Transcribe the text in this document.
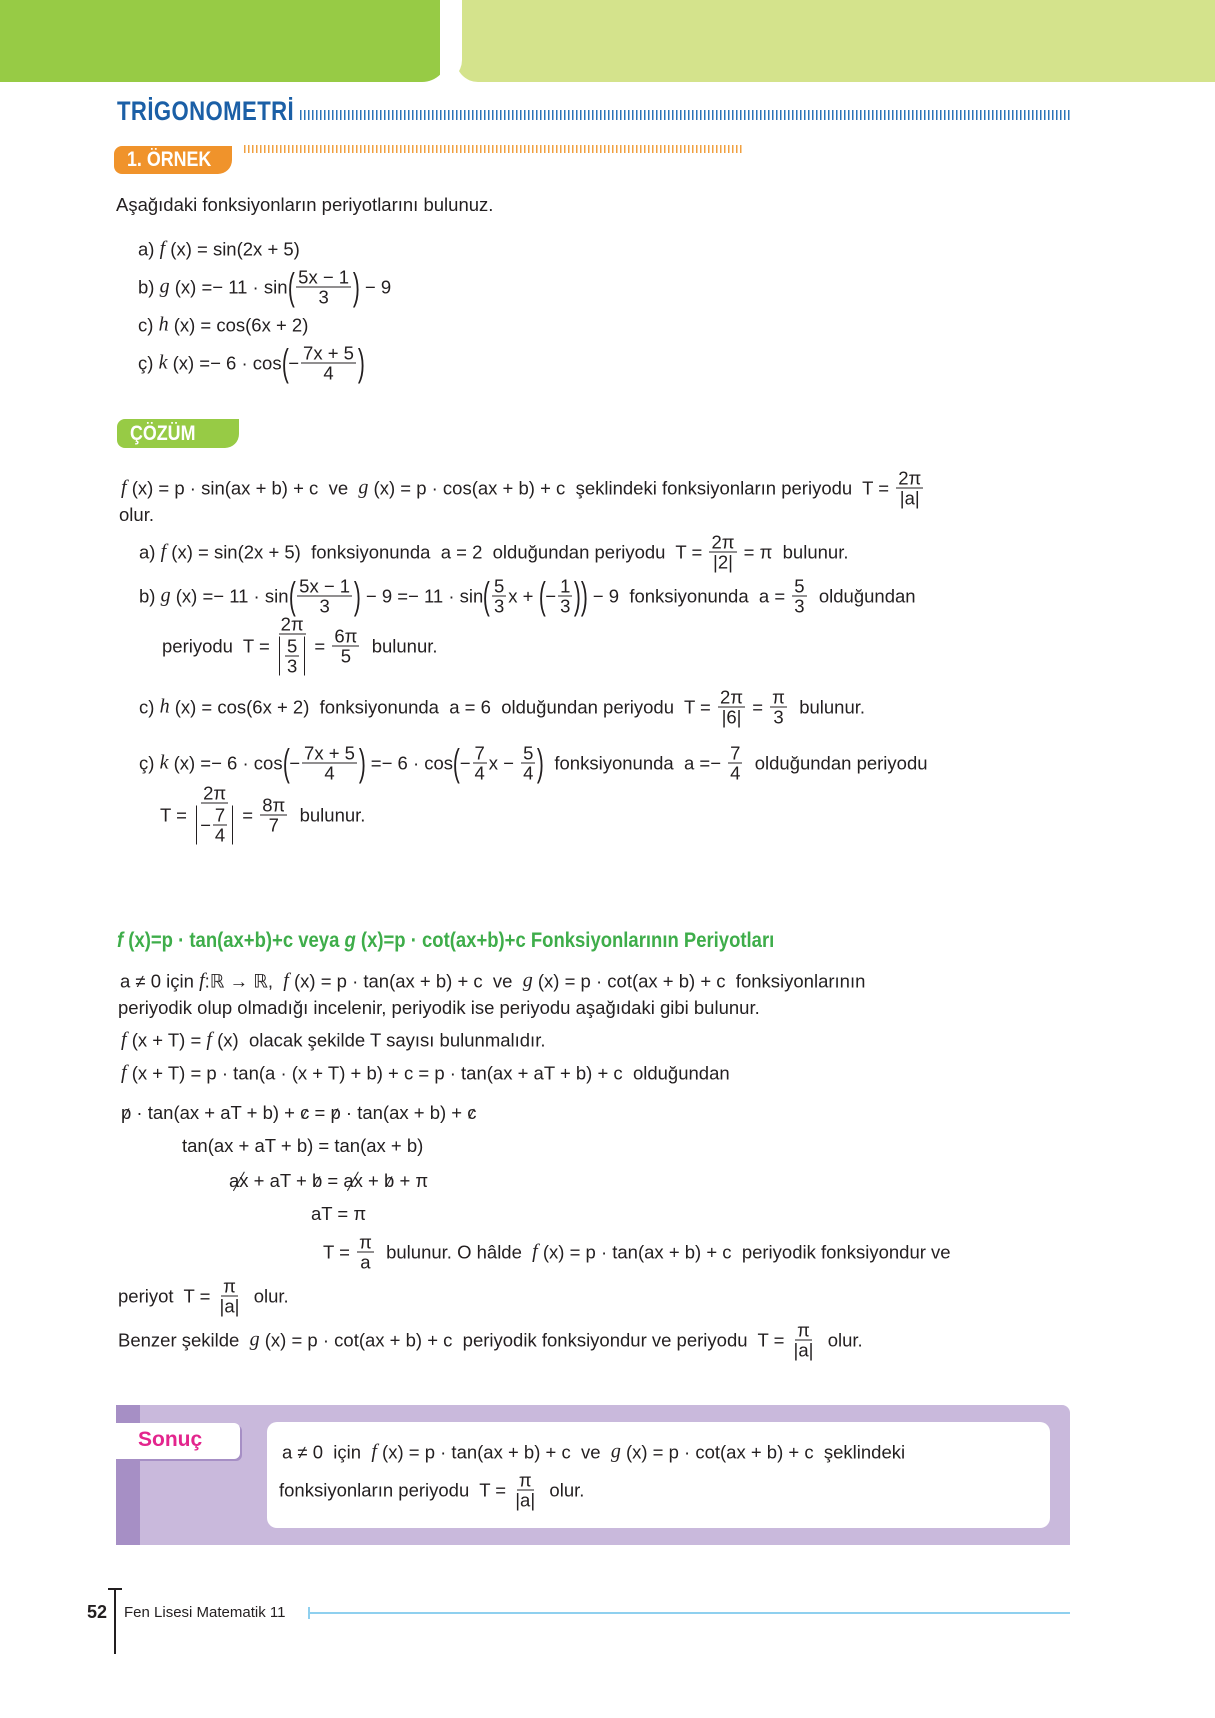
TRİGONOMETRİ
1. ÖRNEK
Aşağıdaki fonksiyonların periyotlarını bulunuz.
a) f (x) = sin(2x + 5)
b) g (x) =− 11 · sin ( $\frac{5x - 1}{3}$ ) − 9
c) h (x) = cos(6x + 2)
ç) k (x) =− 6 · cos ( − $\frac{7x + 5}{4}$ )
ÇÖZÜM
f (x) = p · sin(ax + b) + c  ve g (x) = p · cos(ax + b) + c  şeklindeki fonksiyonların periyodu  $T = \frac{2\pi}{|a|}$
olur.
a) f (x) = sin(2x + 5)  fonksiyonunda  a = 2  olduğundan periyodu  $T = \frac{2\pi}{|2|} = \pi$  bulunur.
b) g (x) =− 11 · sin ( $\frac{5x - 1}{3}$ ) − 9 =− 11 · sin ( $\frac{5}{3}$ x + ( − $\frac{1}{3}$ ) ) − 9  fonksiyonunda  $a = \frac{5}{3}$ olduğundan
periyodu  $T = \frac{2\pi}{\frac{5}{3}} = \frac{6\pi}{5}$ bulunur.
c) h (x) = cos(6x + 2)  fonksiyonunda  a = 6  olduğundan periyodu  $T = \frac{2\pi}{|6|} = \frac{\pi}{3}$ bulunur.
ç) k (x) =− 6 · cos ( − $\frac{7x + 5}{4}$ ) =− 6 · cos ( − $\frac{7}{4}$ $x - \frac{5}{4}$ ) fonksiyonunda  $a =- \frac{7}{4}$ olduğundan periyodu
$T = \frac{2\pi}{- \frac{7}{4}} = \frac{8\pi}{7}$ bulunur.
f (x)=p · tan(ax+b)+c veya g (x)=p · cot(ax+b)+c Fonksiyonlarının Periyotları
a ≠ 0 için f :ℝ → ℝ, f (x) = p · tan(ax + b) + c  ve g (x) = p · cot(ax + b) + c  fonksiyonlarının
periyodik olup olmadığı incelenir, periyodik ise periyodu aşağıdaki gibi bulunur.
f (x + T) = f (x)  olacak şekilde T sayısı bulunmalıdır.
f (x + T) = p · tan(a · (x + T) + b) + c = p · tan(ax + aT + b) + c  olduğundan
p · tan(ax + aT + b) + c = p · tan(ax + b) + c
tan(ax + aT + b) = tan(ax + b)
ax + aT + b = ax + b + π
aT = π
$T = \frac{\pi}{a}$ bulunur. O hâlde f (x) = p · tan(ax + b) + c  periyodik fonksiyondur ve
periyot  $T = \frac{\pi}{|a|}$ olur.
Benzer şekilde g (x) = p · cot(ax + b) + c  periyodik fonksiyondur ve periyodu  $T = \frac{\pi}{|a|}$ olur.
Sonuç
a ≠ 0  için f (x) = p · tan(ax + b) + c  ve g (x) = p · cot(ax + b) + c  şeklindeki
fonksiyonların periyodu  $T = \frac{\pi}{|a|}$ olur.
52 Fen Lisesi Matematik 11
